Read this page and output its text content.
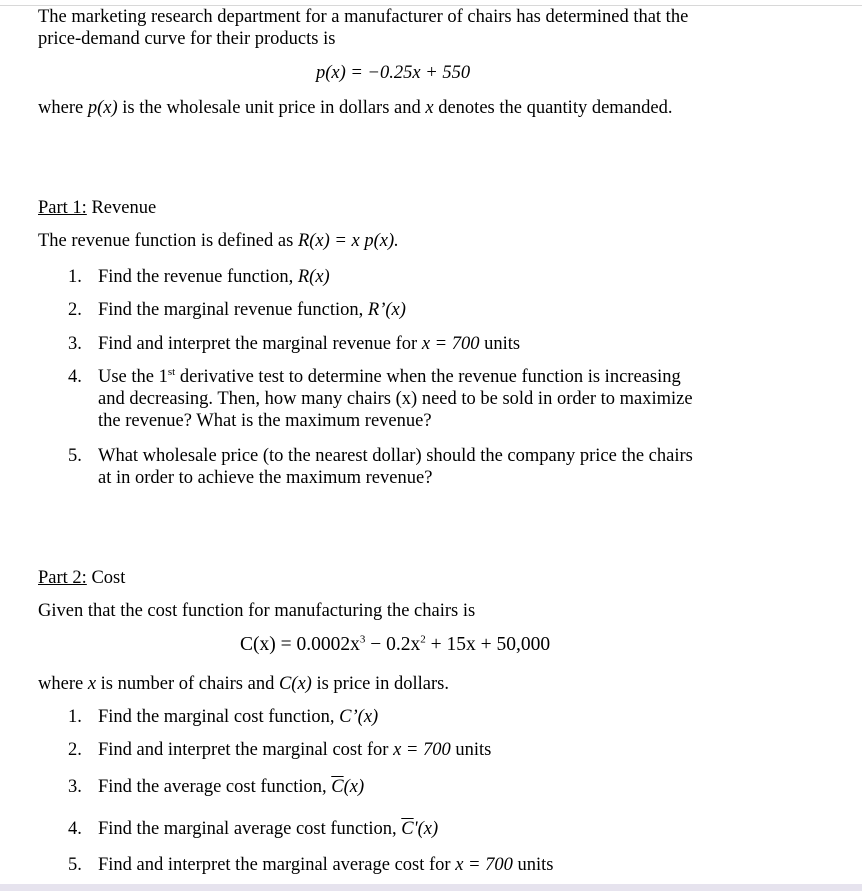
The marketing research department for a manufacturer of chairs has determined that the
price-demand curve for their products is
p(x) = −0.25x + 550
where p(x) is the wholesale unit price in dollars and x denotes the quantity demanded.
Part 1: Revenue
The revenue function is defined as R(x) = x p(x).
1. Find the revenue function, R(x)
2. Find the marginal revenue function, R’(x)
3. Find and interpret the marginal revenue for x = 700 units
4. Use the 1st derivative test to determine when the revenue function is increasing
and decreasing. Then, how many chairs (x) need to be sold in order to maximize
the revenue? What is the maximum revenue?
5. What wholesale price (to the nearest dollar) should the company price the chairs
at in order to achieve the maximum revenue?
Part 2: Cost
Given that the cost function for manufacturing the chairs is
$C(x) = 0.0002x^3 - 0.2x^2 + 15x + 50,000$
where x is number of chairs and C(x) is price in dollars.
1. Find the marginal cost function, C’(x)
2. Find and interpret the marginal cost for x = 700 units
3. Find the average cost function, $\overline{C}(x)$
4. Find the marginal average cost function, $\overline{C}'(x)$
5. Find and interpret the marginal average cost for x = 700 units
